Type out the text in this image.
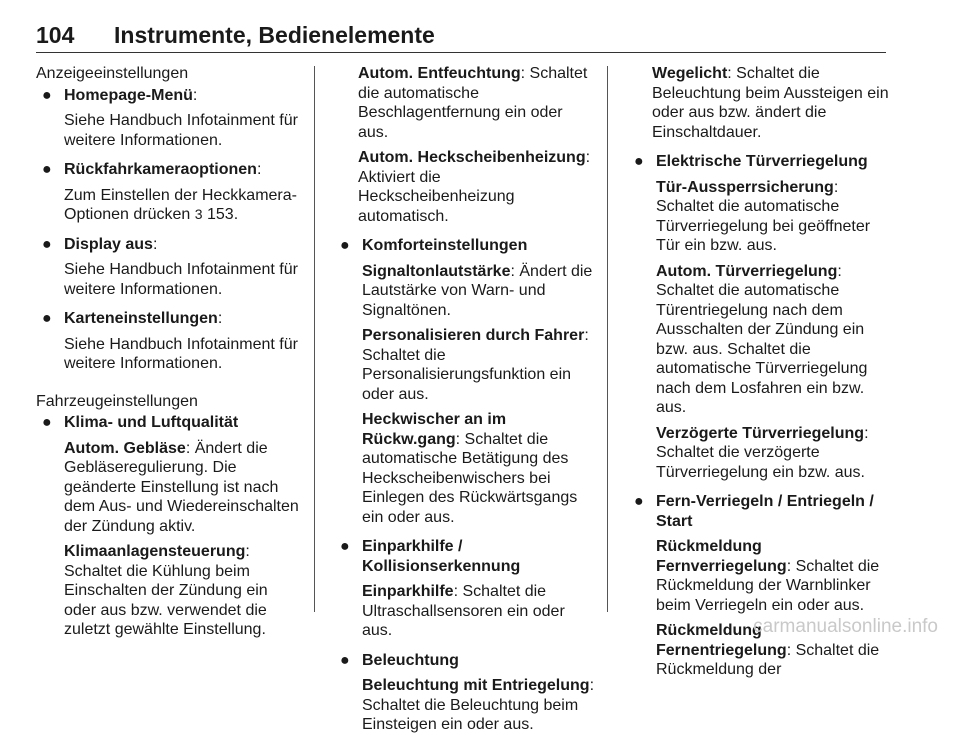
104 Instrumente, Bedienelemente
Anzeigeeinstellungen
● Homepage-Menü:
Siehe Handbuch Infotainment für weitere Informationen.
● Rückfahrkameraoptionen:
Zum Einstellen der Heckkamera-Optionen drücken 3 153.
● Display aus:
Siehe Handbuch Infotainment für weitere Informationen.
● Karteneinstellungen:
Siehe Handbuch Infotainment für weitere Informationen.
Fahrzeugeinstellungen
● Klima- und Luftqualität
Autom. Gebläse: Ändert die Gebläseregulierung. Die geänderte Einstellung ist nach dem Aus- und Wiedereinschalten der Zündung aktiv.
Klimaanlagensteuerung: Schaltet die Kühlung beim Einschalten der Zündung ein oder aus bzw. verwendet die zuletzt gewählte Einstellung.
Autom. Entfeuchtung: Schaltet die automatische Beschlagentfernung ein oder aus.
Autom. Heckscheibenheizung: Aktiviert die Heckscheibenheizung automatisch.
● Komforteinstellungen
Signaltonlautstärke: Ändert die Lautstärke von Warn- und Signaltönen.
Personalisieren durch Fahrer: Schaltet die Personalisierungsfunktion ein oder aus.
Heckwischer an im Rückw.gang: Schaltet die automatische Betätigung des Heckscheibenwischers bei Einlegen des Rückwärtsgangs ein oder aus.
● Einparkhilfe / Kollisionserkennung
Einparkhilfe: Schaltet die Ultraschallsensoren ein oder aus.
● Beleuchtung
Beleuchtung mit Entriegelung: Schaltet die Beleuchtung beim Einsteigen ein oder aus.
Wegelicht: Schaltet die Beleuchtung beim Aussteigen ein oder aus bzw. ändert die Einschaltdauer.
● Elektrische Türverriegelung
Tür-Aussperrsicherung: Schaltet die automatische Türverriegelung bei geöffneter Tür ein bzw. aus.
Autom. Türverriegelung: Schaltet die automatische Türentriegelung nach dem Ausschalten der Zündung ein bzw. aus. Schaltet die automatische Türverriegelung nach dem Losfahren ein bzw. aus.
Verzögerte Türverriegelung: Schaltet die verzögerte Türverriegelung ein bzw. aus.
● Fern-Verriegeln / Entriegeln / Start
Rückmeldung Fernverriegelung: Schaltet die Rückmeldung der Warnblinker beim Verriegeln ein oder aus.
Rückmeldung Fernentriegelung: Schaltet die Rückmeldung der
carmanualsonline.info
